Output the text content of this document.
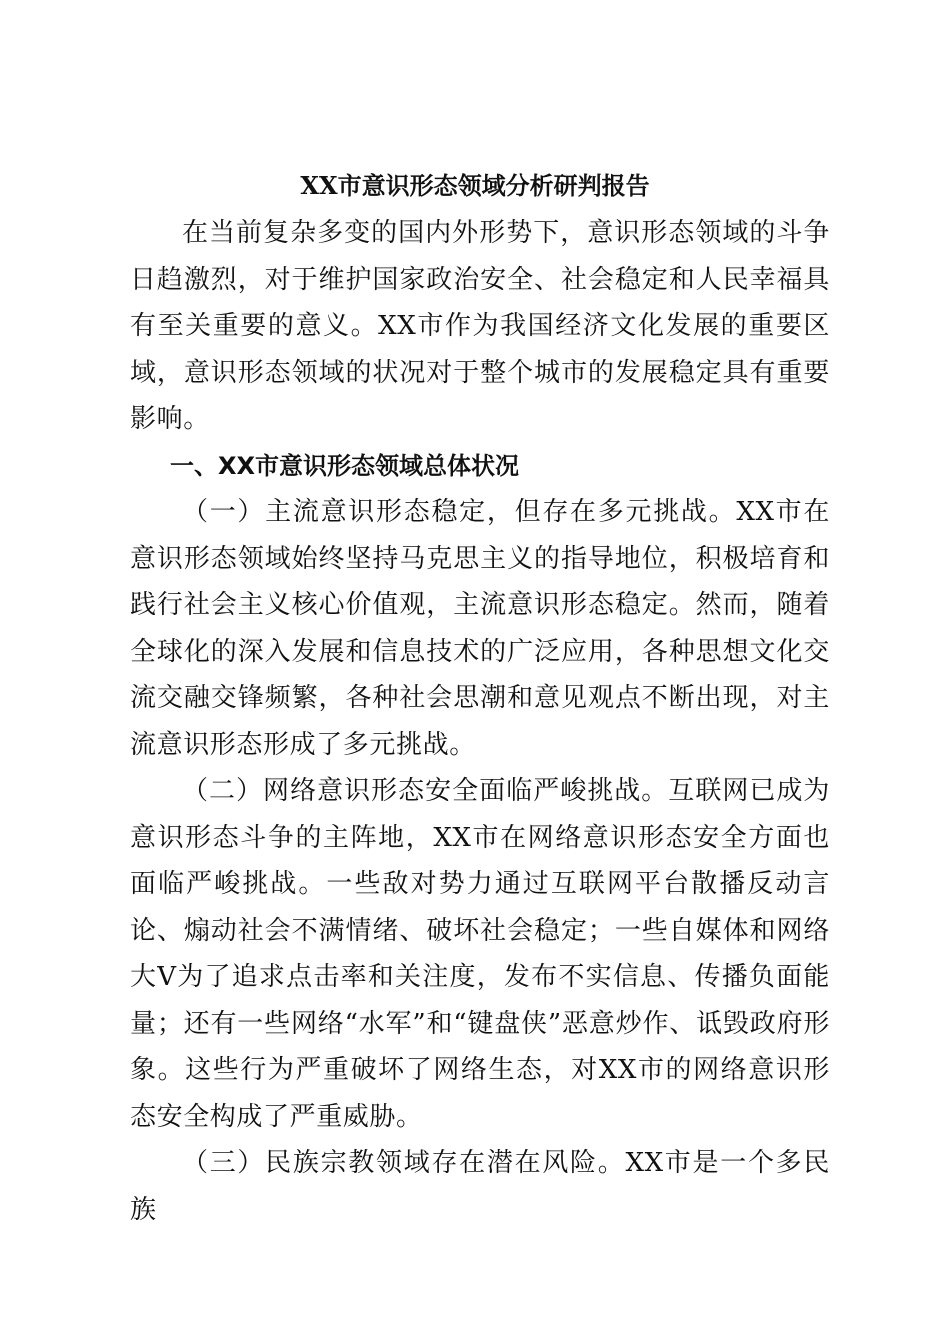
XX市意识形态领域分析研判报告

在当前复杂多变的国内外形势下，意识形态领域的斗争日趋激烈，对于维护国家政治安全、社会稳定和人民幸福具有至关重要的意义。XX市作为我国经济文化发展的重要区域，意识形态领域的状况对于整个城市的发展稳定具有重要影响。

一、XX市意识形态领域总体状况

（一）主流意识形态稳定，但存在多元挑战。XX市在意识形态领域始终坚持马克思主义的指导地位，积极培育和践行社会主义核心价值观，主流意识形态稳定。然而，随着全球化的深入发展和信息技术的广泛应用，各种思想文化交流交融交锋频繁，各种社会思潮和意见观点不断出现，对主流意识形态形成了多元挑战。

（二）网络意识形态安全面临严峻挑战。互联网已成为意识形态斗争的主阵地，XX市在网络意识形态安全方面也面临严峻挑战。一些敌对势力通过互联网平台散播反动言论、煽动社会不满情绪、破坏社会稳定；一些自媒体和网络大V为了追求点击率和关注度，发布不实信息、传播负面能量；还有一些网络“水军”和“键盘侠”恶意炒作、诋毁政府形象。这些行为严重破坏了网络生态，对XX市的网络意识形态安全构成了严重威胁。

（三）民族宗教领域存在潜在风险。XX市是一个多民族
